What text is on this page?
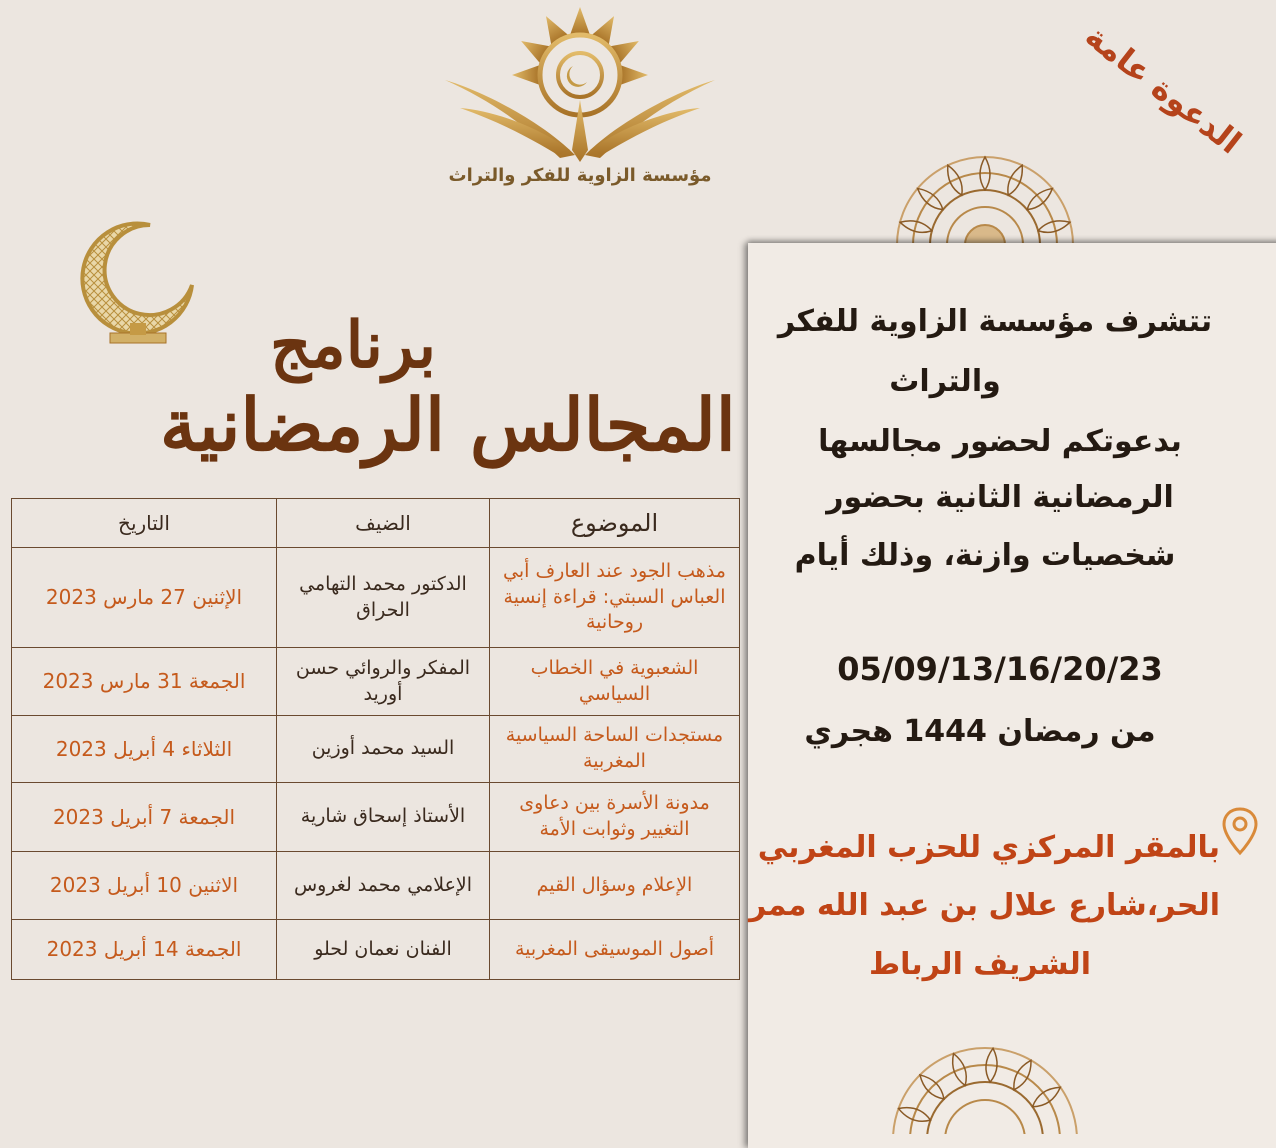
مؤسسة الزاوية للفكر والتراث
الدعوة عامة
برنامج
المجالس الرمضانية
الموضوع	الضيف	التاريخ
مذهب الجود عند العارف أبي العباس السبتي: قراءة إنسية روحانية	الدكتور محمد التهامي الحراق	الإثنين 27 مارس 2023
الشعبوية في الخطاب السياسي	المفكر والروائي حسن أوريد	الجمعة 31 مارس 2023
مستجدات الساحة السياسية المغربية	السيد محمد أوزين	الثلاثاء 4 أبريل 2023
مدونة الأسرة بين دعاوى التغيير وثوابت الأمة	الأستاذ إسحاق شارية	الجمعة 7 أبريل 2023
الإعلام وسؤال القيم	الإعلامي محمد لغروس	الاثنين 10 أبريل 2023
أصول الموسيقى المغربية	الفنان نعمان لحلو	الجمعة 14 أبريل 2023
تتشرف مؤسسة الزاوية للفكر
والتراث
بدعوتكم لحضور مجالسها
الرمضانية الثانية بحضور
شخصيات وازنة، وذلك أيام
05/09/13/16/20/23
من رمضان 1444 هجري
بالمقر المركزي للحزب المغربي
الحر،شارع علال بن عبد الله ممر
الشريف الرباط
